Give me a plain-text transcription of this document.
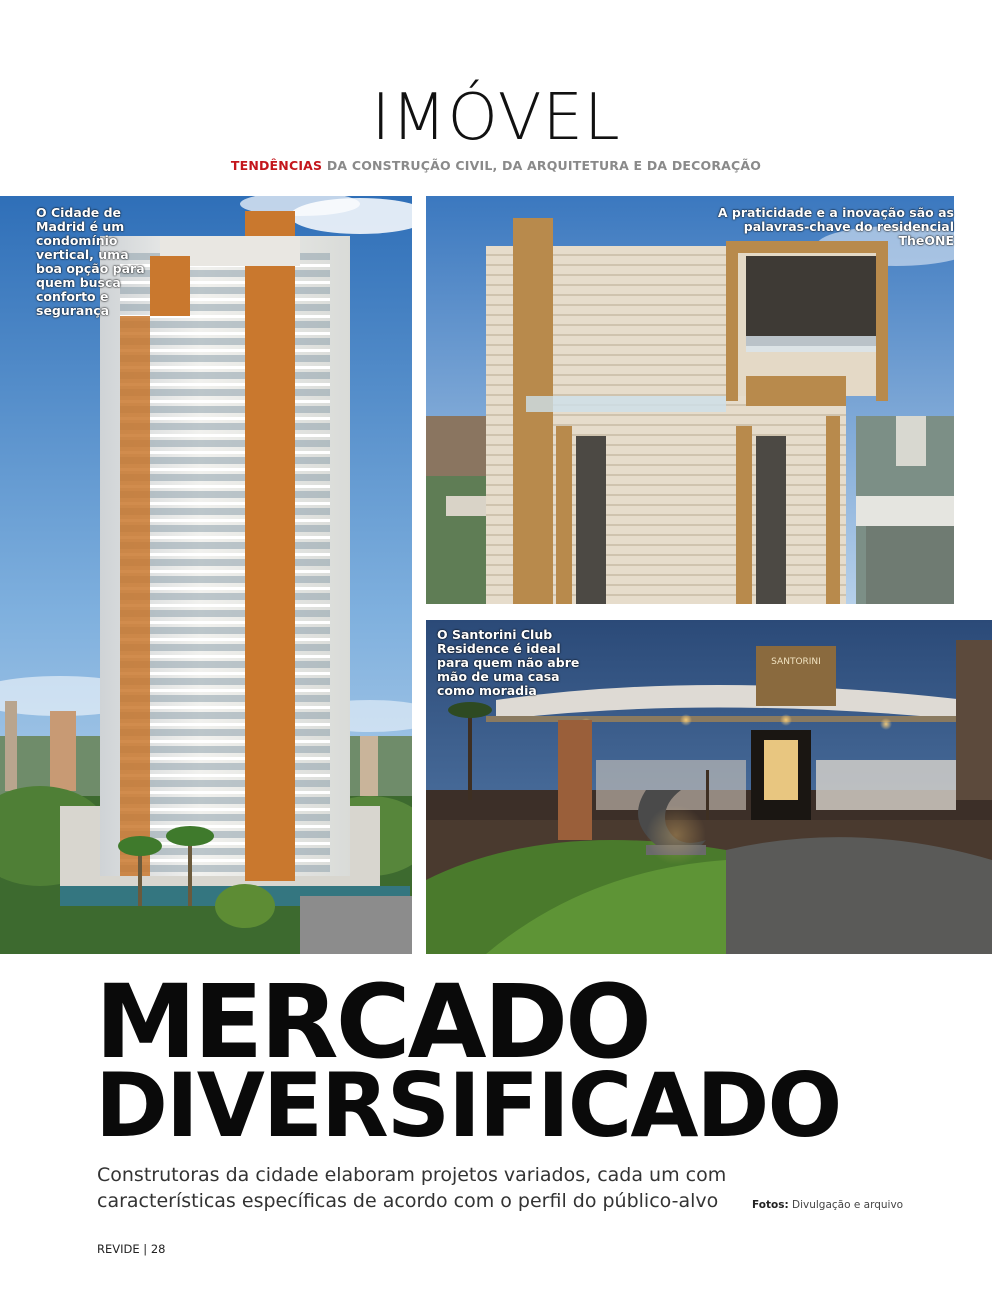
IMÓVEL
TENDÊNCIAS DA CONSTRUÇÃO CIVIL, DA ARQUITETURA E DA DECORAÇÃO
O Cidade de
Madrid é um
condomínio
vertical, uma
boa opção para
quem busca
conforto e
segurança
A praticidade e a inovação são as
palavras-chave do residencial TheONE
SANTORINI
O Santorini Club
Residence é ideal
para quem não abre
mão de uma casa
como moradia
MERCADO
DIVERSIFICADO
Construtoras da cidade elaboram projetos variados, cada um com
características específicas de acordo com o perfil do público-alvo	Fotos: Divulgação e arquivo
REVIDE | 28
